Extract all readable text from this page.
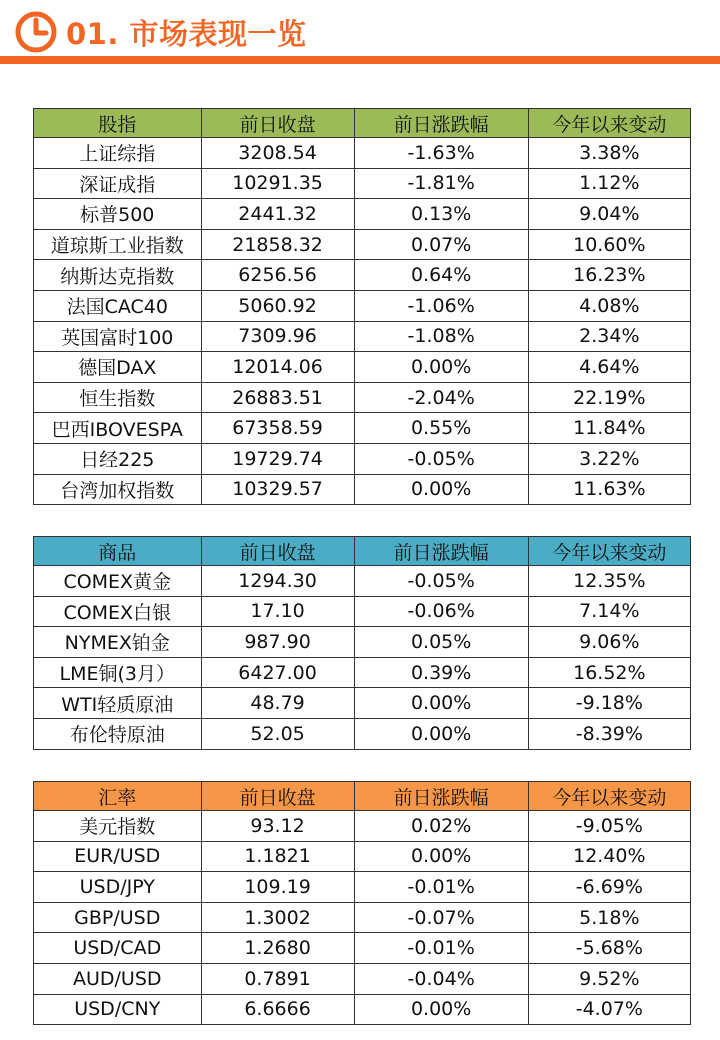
01. 市场表现一览
股指	前日收盘	前日涨跌幅	今年以来变动
上证综指	3208.54	-1.63%	3.38%
深证成指	10291.35	-1.81%	1.12%
标普500	2441.32	0.13%	9.04%
道琼斯工业指数	21858.32	0.07%	10.60%
纳斯达克指数	6256.56	0.64%	16.23%
法国CAC40	5060.92	-1.06%	4.08%
英国富时100	7309.96	-1.08%	2.34%
德国DAX	12014.06	0.00%	4.64%
恒生指数	26883.51	-2.04%	22.19%
巴西IBOVESPA	67358.59	0.55%	11.84%
日经225	19729.74	-0.05%	3.22%
台湾加权指数	10329.57	0.00%	11.63%
商品	前日收盘	前日涨跌幅	今年以来变动
COMEX黄金	1294.30	-0.05%	12.35%
COMEX白银	17.10	-0.06%	7.14%
NYMEX铂金	987.90	0.05%	9.06%
LME铜(3月）	6427.00	0.39%	16.52%
WTI轻质原油	48.79	0.00%	-9.18%
布伦特原油	52.05	0.00%	-8.39%
汇率	前日收盘	前日涨跌幅	今年以来变动
美元指数	93.12	0.02%	-9.05%
EUR/USD	1.1821	0.00%	12.40%
USD/JPY	109.19	-0.01%	-6.69%
GBP/USD	1.3002	-0.07%	5.18%
USD/CAD	1.2680	-0.01%	-5.68%
AUD/USD	0.7891	-0.04%	9.52%
USD/CNY	6.6666	0.00%	-4.07%
